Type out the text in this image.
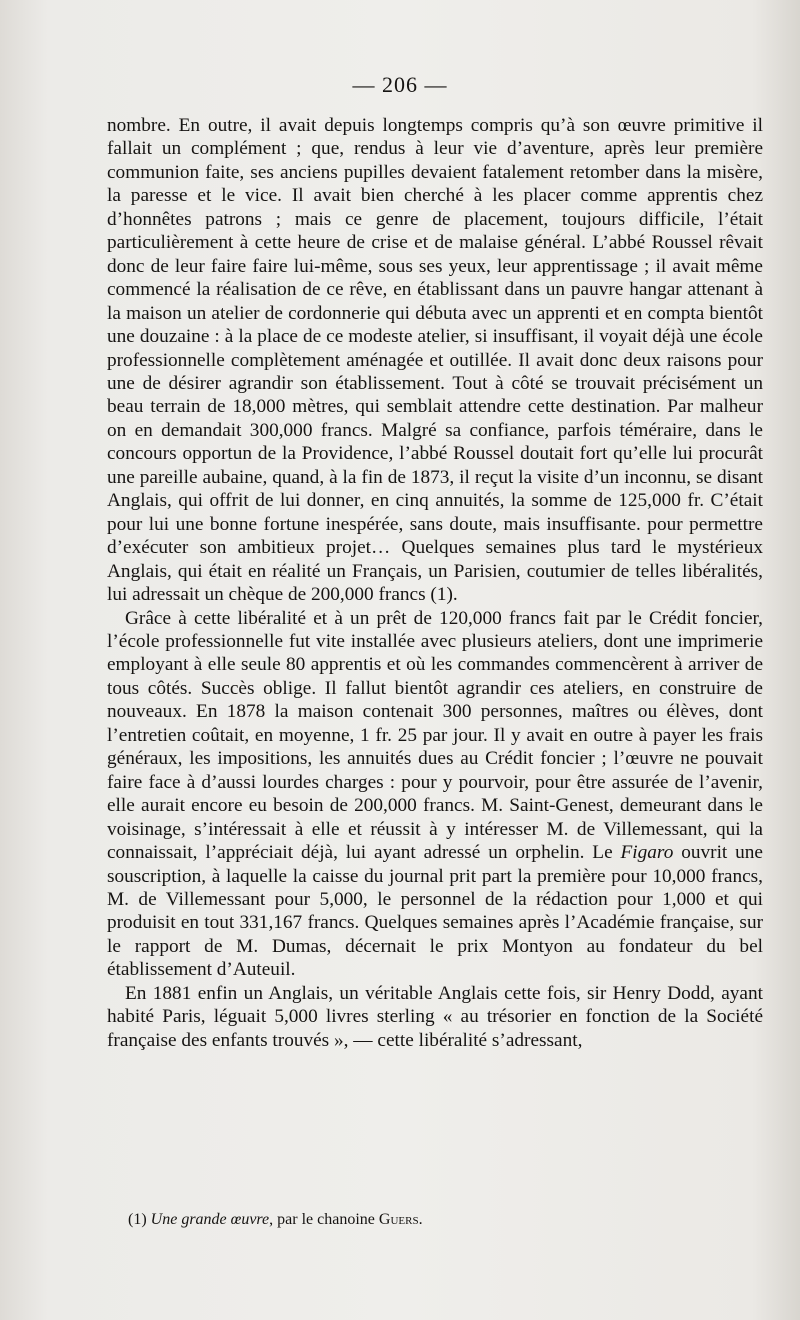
— 206 —

nombre. En outre, il avait depuis longtemps compris qu’à son œuvre primitive il fallait un complément ; que, rendus à leur vie d’aventure, après leur première communion faite, ses anciens pupilles devaient fatalement retomber dans la misère, la paresse et le vice. Il avait bien cherché à les placer comme apprentis chez d’honnêtes patrons ; mais ce genre de placement, toujours difficile, l’était particulièrement à cette heure de crise et de malaise général. L’abbé Roussel rêvait donc de leur faire faire lui-même, sous ses yeux, leur apprentissage ; il avait même commencé la réalisation de ce rêve, en établissant dans un pauvre hangar attenant à la maison un atelier de cordonnerie qui débuta avec un apprenti et en compta bientôt une douzaine : à la place de ce modeste atelier, si insuffisant, il voyait déjà une école professionnelle complètement aménagée et outillée. Il avait donc deux raisons pour une de désirer agrandir son établissement. Tout à côté se trouvait précisément un beau terrain de 18,000 mètres, qui semblait attendre cette destination. Par malheur on en demandait 300,000 francs. Malgré sa confiance, parfois téméraire, dans le concours opportun de la Providence, l’abbé Roussel doutait fort qu’elle lui procurât une pareille aubaine, quand, à la fin de 1873, il reçut la visite d’un inconnu, se disant Anglais, qui offrit de lui donner, en cinq annuités, la somme de 125,000 fr. C’était pour lui une bonne fortune inespérée, sans doute, mais insuffisante. pour permettre d’exécuter son ambitieux projet… Quelques semaines plus tard le mystérieux Anglais, qui était en réalité un Français, un Parisien, coutumier de telles libéralités, lui adressait un chèque de 200,000 francs (1).

Grâce à cette libéralité et à un prêt de 120,000 francs fait par le Crédit foncier, l’école professionnelle fut vite installée avec plusieurs ateliers, dont une imprimerie employant à elle seule 80 apprentis et où les commandes commencèrent à arriver de tous côtés. Succès oblige. Il fallut bientôt agrandir ces ateliers, en construire de nouveaux. En 1878 la maison contenait 300 personnes, maîtres ou élèves, dont l’entretien coûtait, en moyenne, 1 fr. 25 par jour. Il y avait en outre à payer les frais généraux, les impositions, les annuités dues au Crédit foncier ; l’œuvre ne pouvait faire face à d’aussi lourdes charges : pour y pourvoir, pour être assurée de l’avenir, elle aurait encore eu besoin de 200,000 francs. M. Saint-Genest, demeurant dans le voisinage, s’intéressait à elle et réussit à y intéresser M. de Villemessant, qui la connaissait, l’appréciait déjà, lui ayant adressé un orphelin. Le Figaro ouvrit une souscription, à laquelle la caisse du journal prit part la première pour 10,000 francs, M. de Villemessant pour 5,000, le personnel de la rédaction pour 1,000 et qui produisit en tout 331,167 francs. Quelques semaines après l’Académie française, sur le rapport de M. Dumas, décernait le prix Montyon au fondateur du bel établissement d’Auteuil.

En 1881 enfin un Anglais, un véritable Anglais cette fois, sir Henry Dodd, ayant habité Paris, léguait 5,000 livres sterling « au trésorier en fonction de la Société française des enfants trouvés », — cette libéralité s’adressant,

(1) Une grande œuvre, par le chanoine Guers.
